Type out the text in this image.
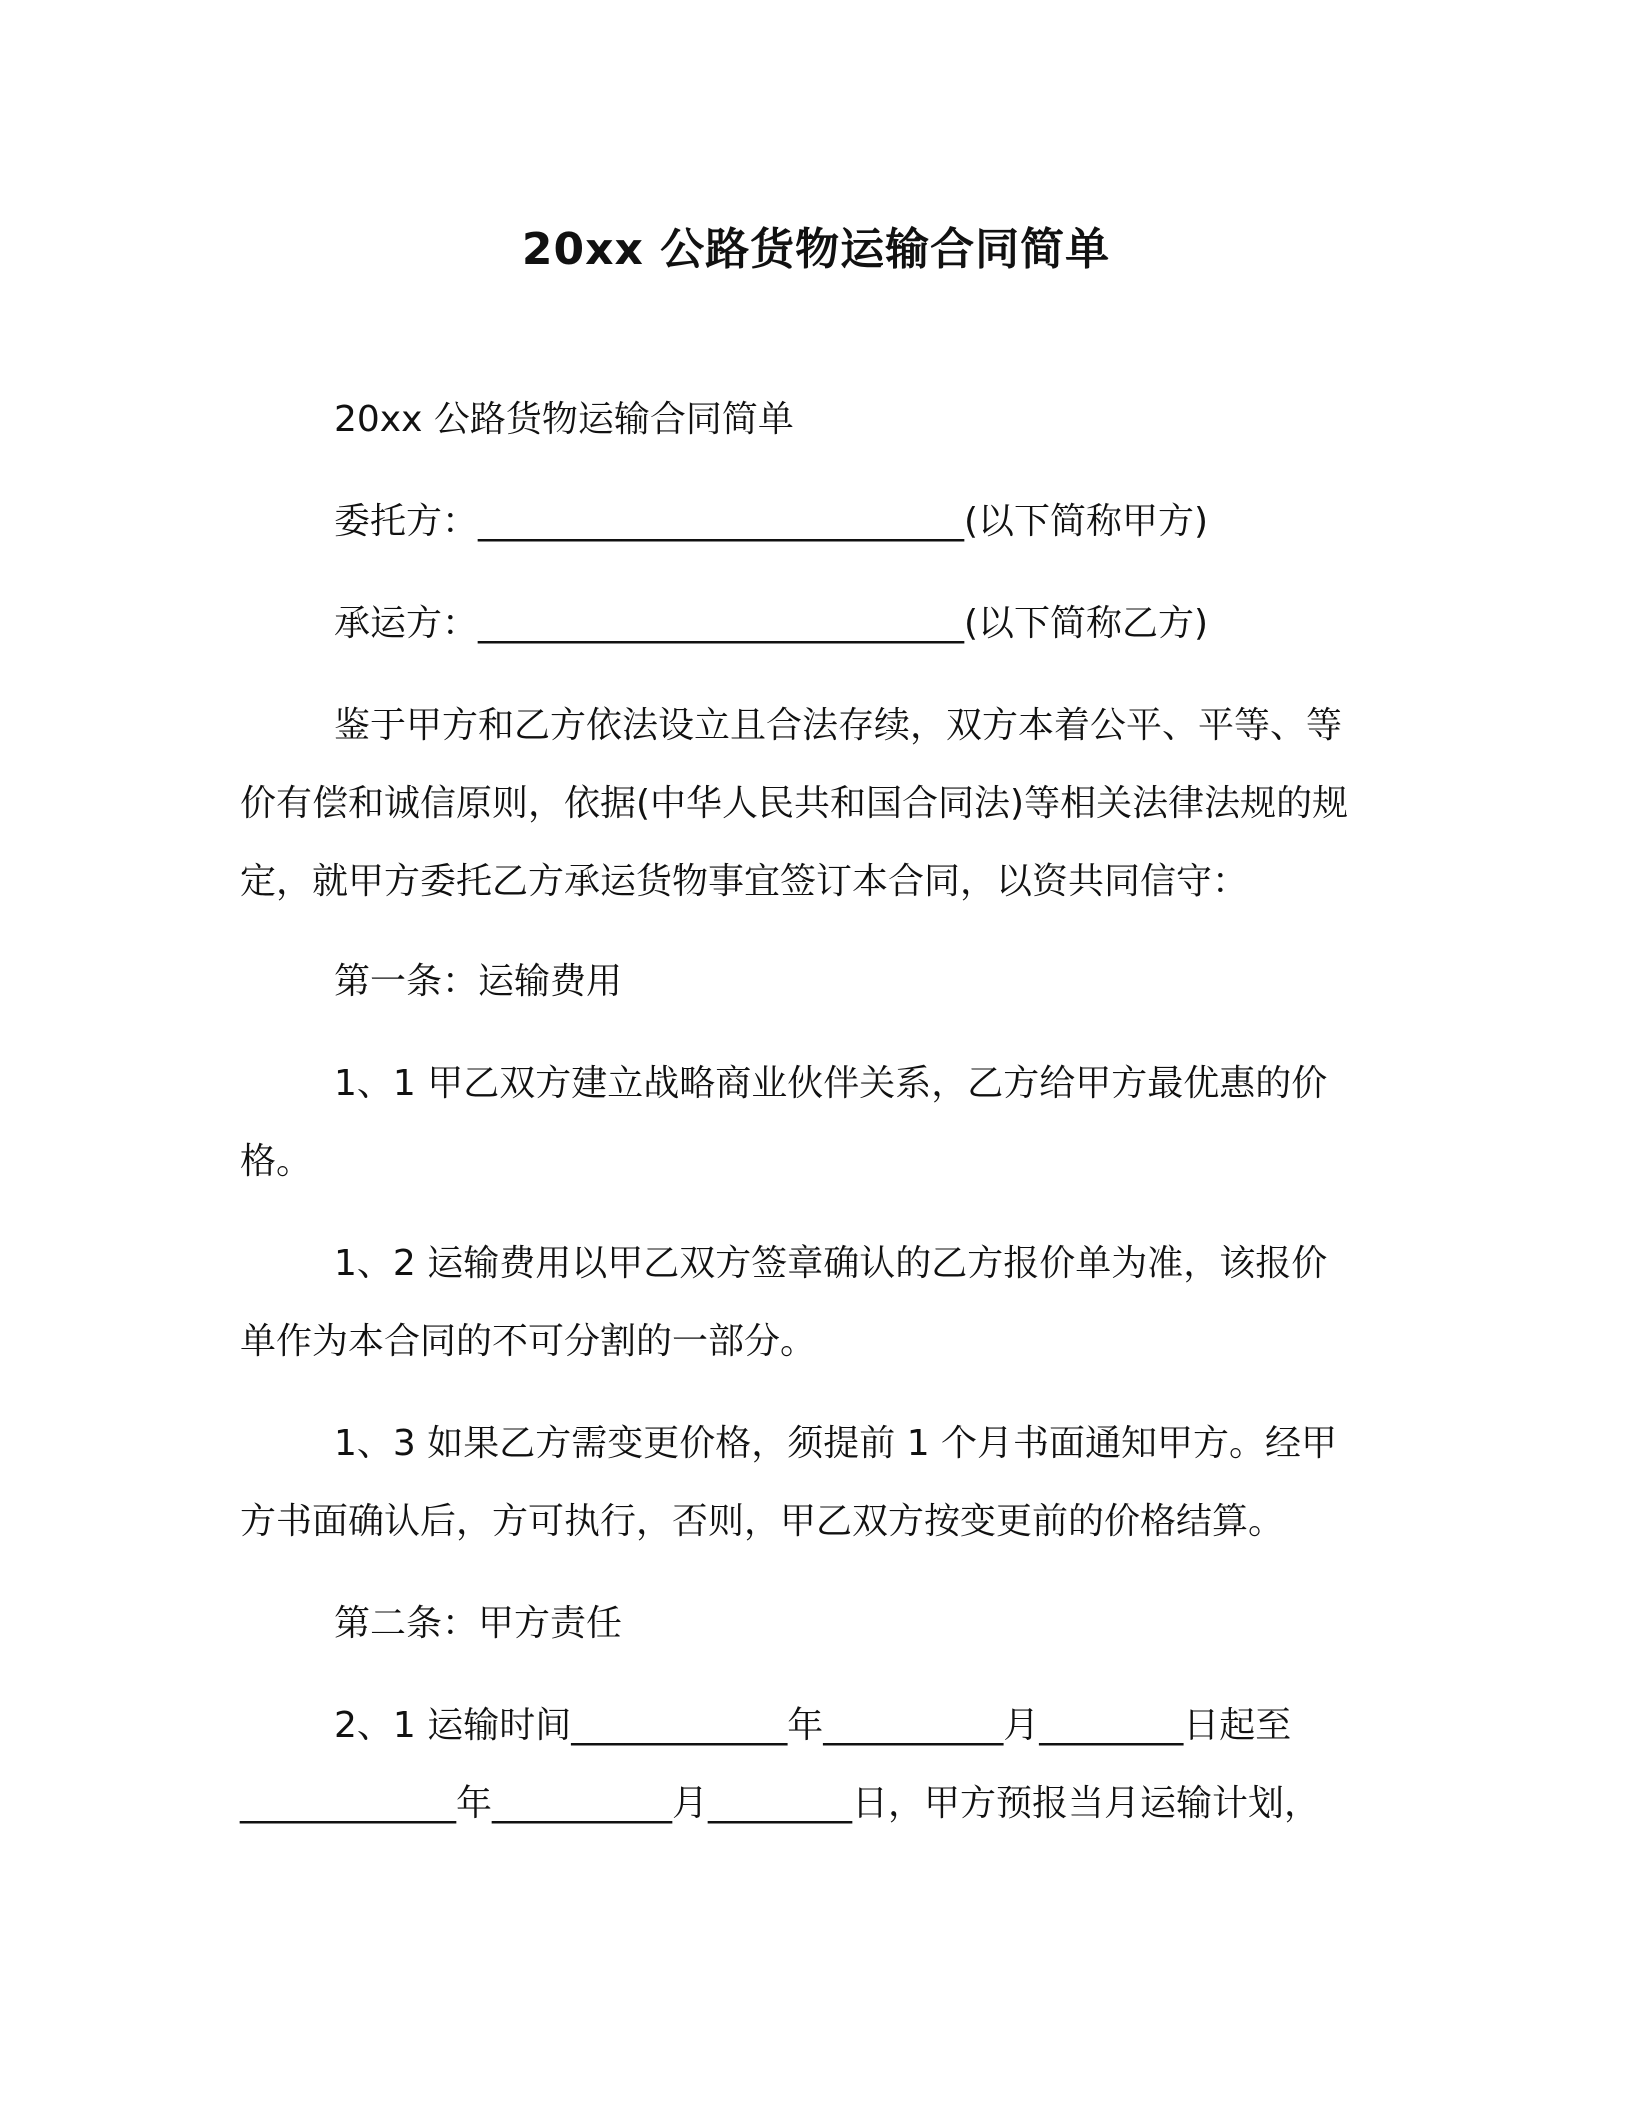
20xx 公路货物运输合同简单
20xx 公路货物运输合同简单
委托方：___________________________(以下简称甲方)
承运方：___________________________(以下简称乙方)
鉴于甲方和乙方依法设立且合法存续，双方本着公平、平等、等
价有偿和诚信原则，依据(中华人民共和国合同法)等相关法律法规的规
定，就甲方委托乙方承运货物事宜签订本合同，以资共同信守：
第一条：运输费用
1、1 甲乙双方建立战略商业伙伴关系，乙方给甲方最优惠的价
格。
1、2 运输费用以甲乙双方签章确认的乙方报价单为准，该报价
单作为本合同的不可分割的一部分。
1、3 如果乙方需变更价格，须提前 1 个月书面通知甲方。经甲
方书面确认后，方可执行，否则，甲乙双方按变更前的价格结算。
第二条：甲方责任
2、1 运输时间____________年__________月________日起至
____________年__________月________日，甲方预报当月运输计划，
